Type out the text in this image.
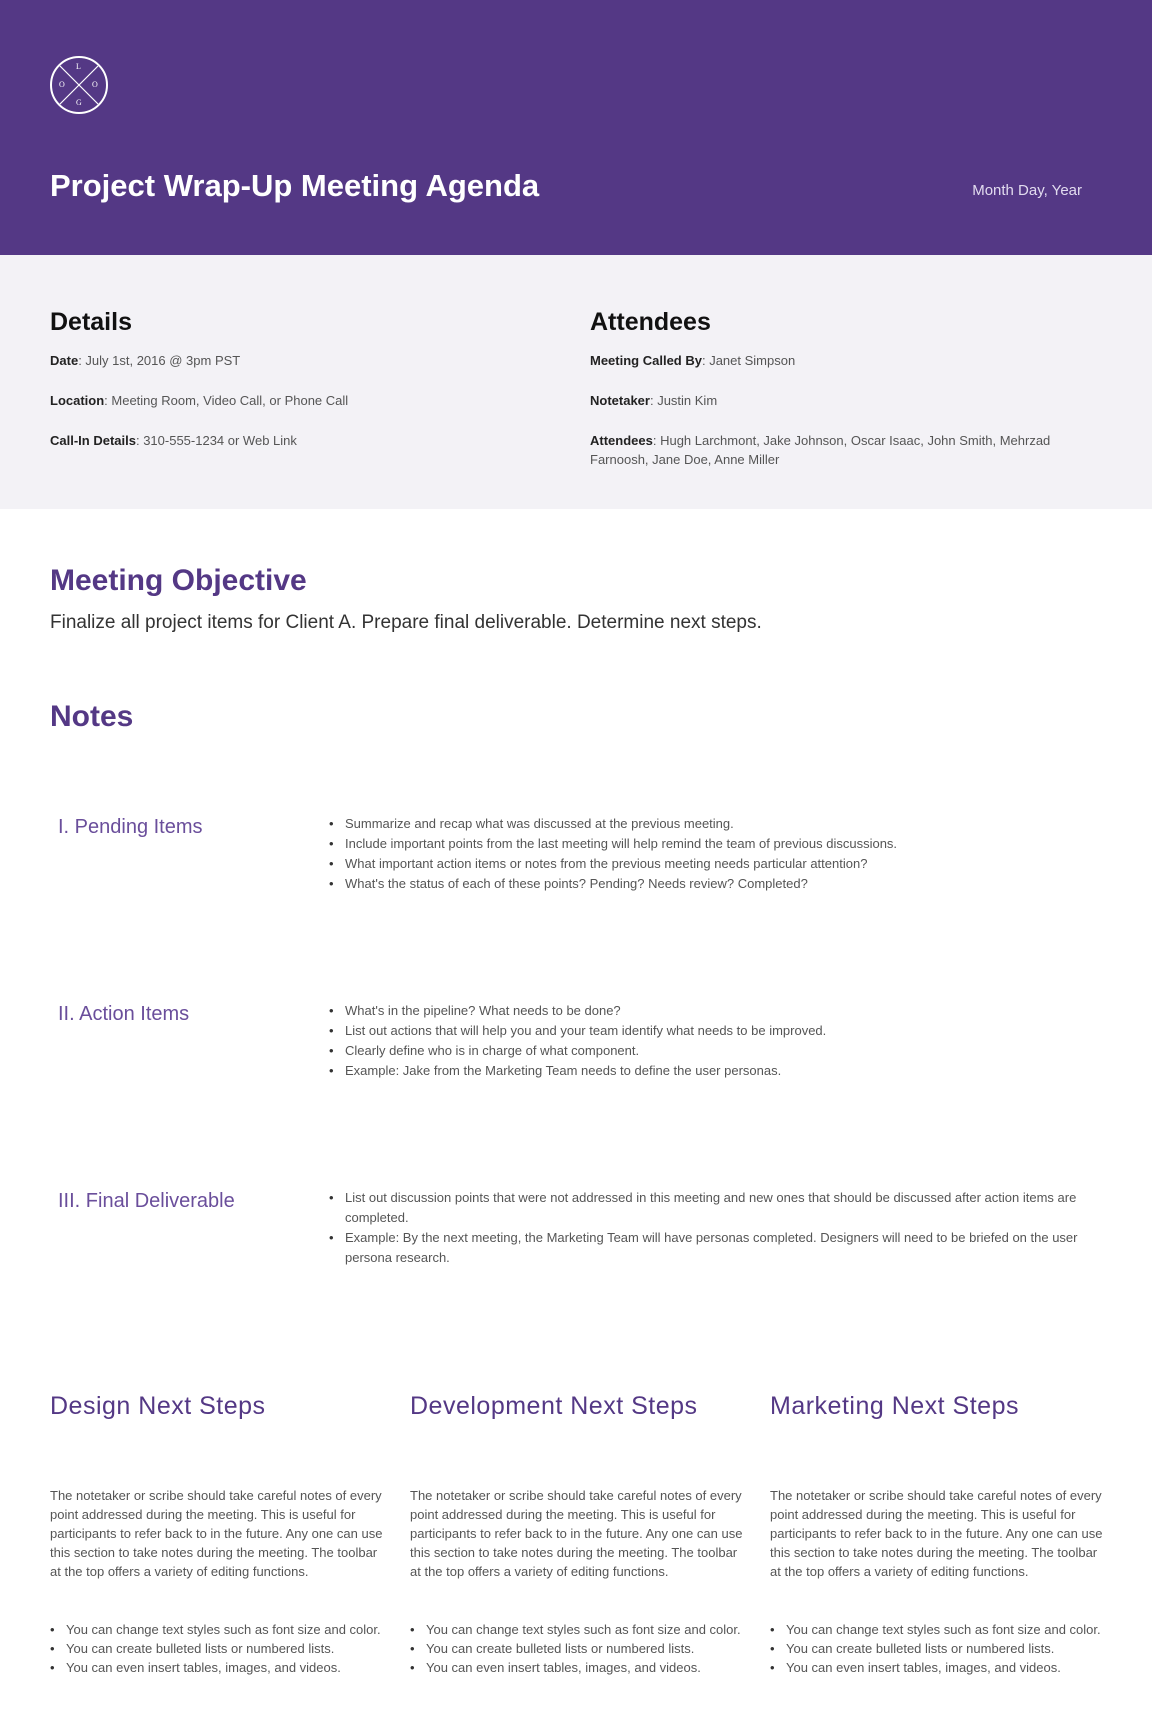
L
O
G
O
Project Wrap-Up Meeting Agenda	Month Day, Year
Details

Date: July 1st, 2016 @ 3pm PST

Location: Meeting Room, Video Call, or Phone Call

Call-In Details: 310-555-1234 or Web Link

Attendees

Meeting Called By: Janet Simpson

Notetaker: Justin Kim

Attendees: Hugh Larchmont, Jake Johnson, Oscar Isaac, John Smith, Mehrzad Farnoosh, Jane Doe, Anne Miller

Meeting Objective
Finalize all project items for Client A. Prepare final deliverable. Determine next steps.
Notes
I. Pending Items	• Summarize and recap what was discussed at the previous meeting.
• Include important points from the last meeting will help remind the team of previous discussions.
• What important action items or notes from the previous meeting needs particular attention?
• What's the status of each of these points? Pending? Needs review? Completed?
II. Action Items	• What's in the pipeline? What needs to be done?
• List out actions that will help you and your team identify what needs to be improved.
• Clearly define who is in charge of what component.
• Example: Jake from the Marketing Team needs to define the user personas.
III. Final Deliverable	• List out discussion points that were not addressed in this meeting and new ones that should be discussed after action items are completed.
• Example: By the next meeting, the Marketing Team will have personas completed. Designers will need to be briefed on the user persona research.
Design Next Steps
The notetaker or scribe should take careful notes of every point addressed during the meeting. This is useful for participants to refer back to in the future. Any one can use this section to take notes during the meeting. The toolbar at the top offers a variety of editing functions.
• You can change text styles such as font size and color.
• You can create bulleted lists or numbered lists.
• You can even insert tables, images, and videos.
Development Next Steps
The notetaker or scribe should take careful notes of every point addressed during the meeting. This is useful for participants to refer back to in the future. Any one can use this section to take notes during the meeting. The toolbar at the top offers a variety of editing functions.
• You can change text styles such as font size and color.
• You can create bulleted lists or numbered lists.
• You can even insert tables, images, and videos.
Marketing Next Steps
The notetaker or scribe should take careful notes of every point addressed during the meeting. This is useful for participants to refer back to in the future. Any one can use this section to take notes during the meeting. The toolbar at the top offers a variety of editing functions.
• You can change text styles such as font size and color.
• You can create bulleted lists or numbered lists.
• You can even insert tables, images, and videos.
